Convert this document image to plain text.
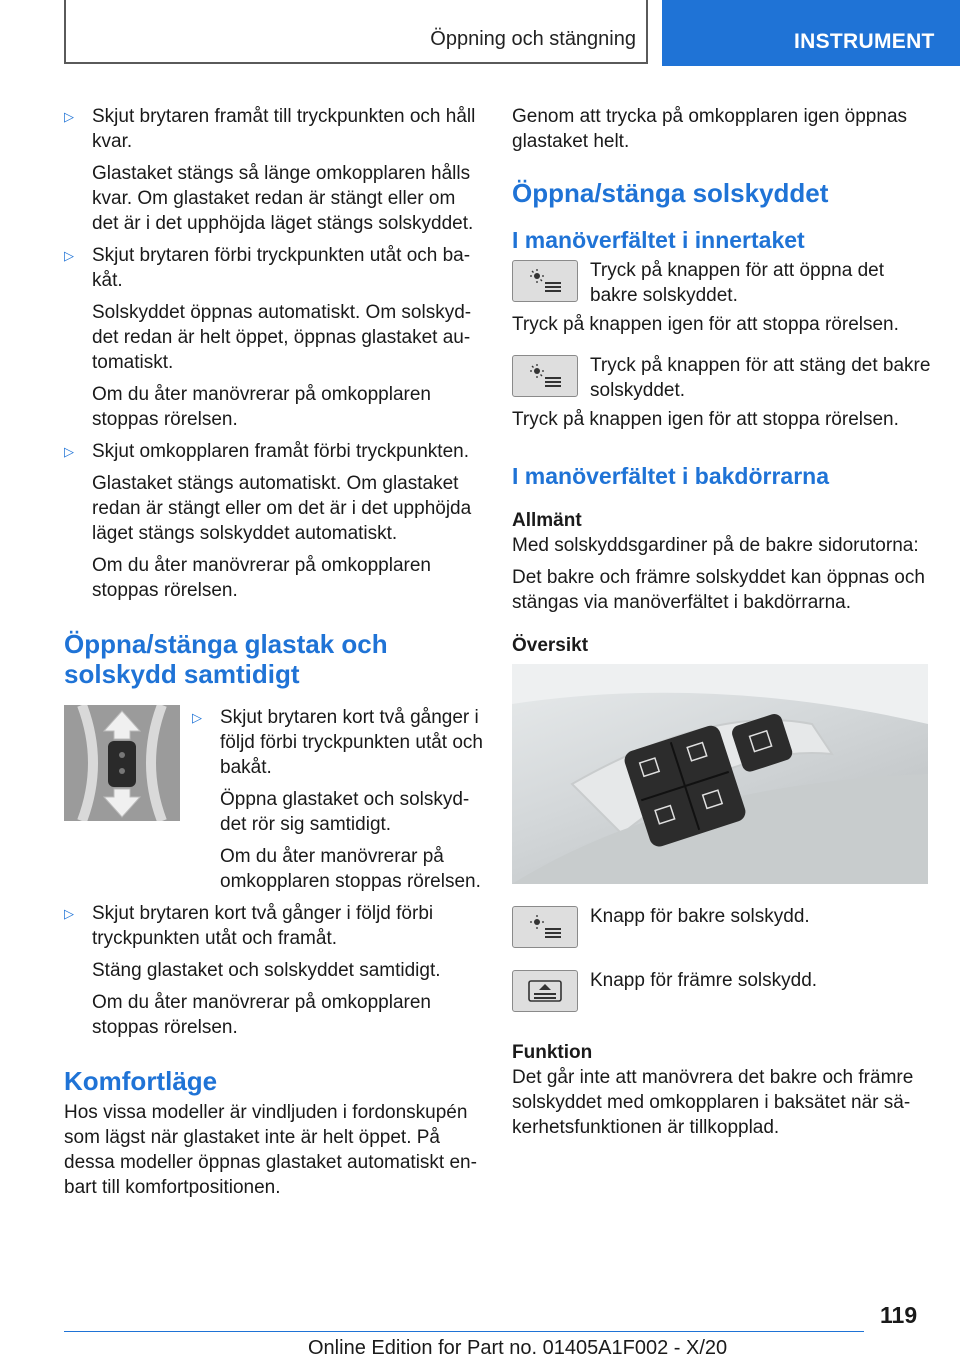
Öppning och stängning	INSTRUMENT
▷ Skjut brytaren framåt till tryckpunkten och håll kvar.
Glastaket stängs så länge omkopplaren hålls kvar. Om glastaket redan är stängt eller om det är i det upphöjda läget stängs solskyddet.
▷ Skjut brytaren förbi tryckpunkten utåt och bakåt.
Solskyddet öppnas automatiskt. Om solskyddet redan är helt öppet, öppnas glastaket automatiskt.
Om du åter manövrerar på omkopplaren stoppas rörelsen.
▷ Skjut omkopplaren framåt förbi tryckpunkten.
Glastaket stängs automatiskt. Om glastaket redan är stängt eller om det är i det upphöjda läget stängs solskyddet automatiskt.
Om du åter manövrerar på omkopplaren stoppas rörelsen.
Öppna/stänga glastak och solskydd samtidigt
▷ Skjut brytaren kort två gånger i följd förbi tryckpunkten utåt och bakåt.
Öppna glastaket och solskyddet rör sig samtidigt.
Om du åter manövrerar på omkopplaren stoppas rörelsen.
▷ Skjut brytaren kort två gånger i följd förbi tryckpunkten utåt och framåt.
Stäng glastaket och solskyddet samtidigt.
Om du åter manövrerar på omkopplaren stoppas rörelsen.
Komfortläge

Hos vissa modeller är vindljuden i fordonskupén som lägst när glastaket inte är helt öppet. På dessa modeller öppnas glastaket automatiskt enbart till komfortpositionen.

Genom att trycka på omkopplaren igen öppnas glastaket helt.

Öppna/stänga solskyddet
I manöverfältet i innertaket
Tryck på knappen för att öppna det bakre solskyddet.

Tryck på knappen igen för att stoppa rörelsen.

Tryck på knappen för att stäng det bakre solskyddet.

Tryck på knappen igen för att stoppa rörelsen.

I manöverfältet i bakdörrarna
Allmänt

Med solskyddsgardiner på de bakre sidorutorna:

Det bakre och främre solskyddet kan öppnas och stängas via manöverfältet i bakdörrarna.

Översikt
Knapp för bakre solskydd.
Knapp för främre solskydd.
Funktion

Det går inte att manövrera det bakre och främre solskyddet med omkopplaren i baksätet när säkerhetsfunktionen är tillkopplad.

119
Online Edition for Part no. 01405A1F002 - X/20
